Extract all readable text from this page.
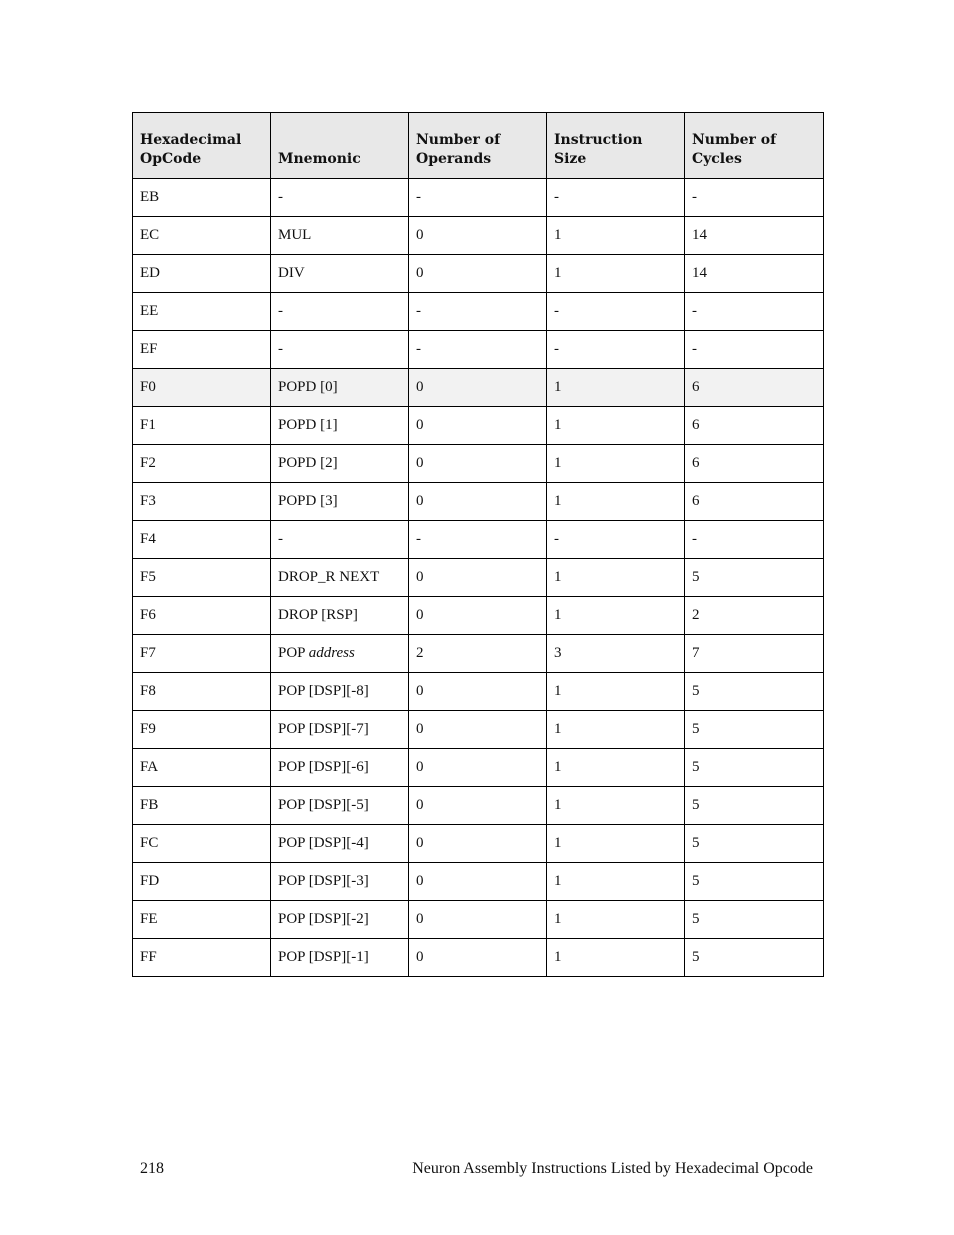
Hexadecimal OpCode	Mnemonic	Number of Operands	Instruction Size	Number of Cycles
EB	-	-	-	-
EC	MUL	0	1	14
ED	DIV	0	1	14
EE	-	-	-	-
EF	-	-	-	-
F0	POPD [0]	0	1	6
F1	POPD [1]	0	1	6
F2	POPD [2]	0	1	6
F3	POPD [3]	0	1	6
F4	-	-	-	-
F5	DROP_R NEXT	0	1	5
F6	DROP [RSP]	0	1	2
F7	POP address	2	3	7
F8	POP [DSP][-8]	0	1	5
F9	POP [DSP][-7]	0	1	5
FA	POP [DSP][-6]	0	1	5
FB	POP [DSP][-5]	0	1	5
FC	POP [DSP][-4]	0	1	5
FD	POP [DSP][-3]	0	1	5
FE	POP [DSP][-2]	0	1	5
FF	POP [DSP][-1]	0	1	5
218	Neuron Assembly Instructions Listed by Hexadecimal Opcode
